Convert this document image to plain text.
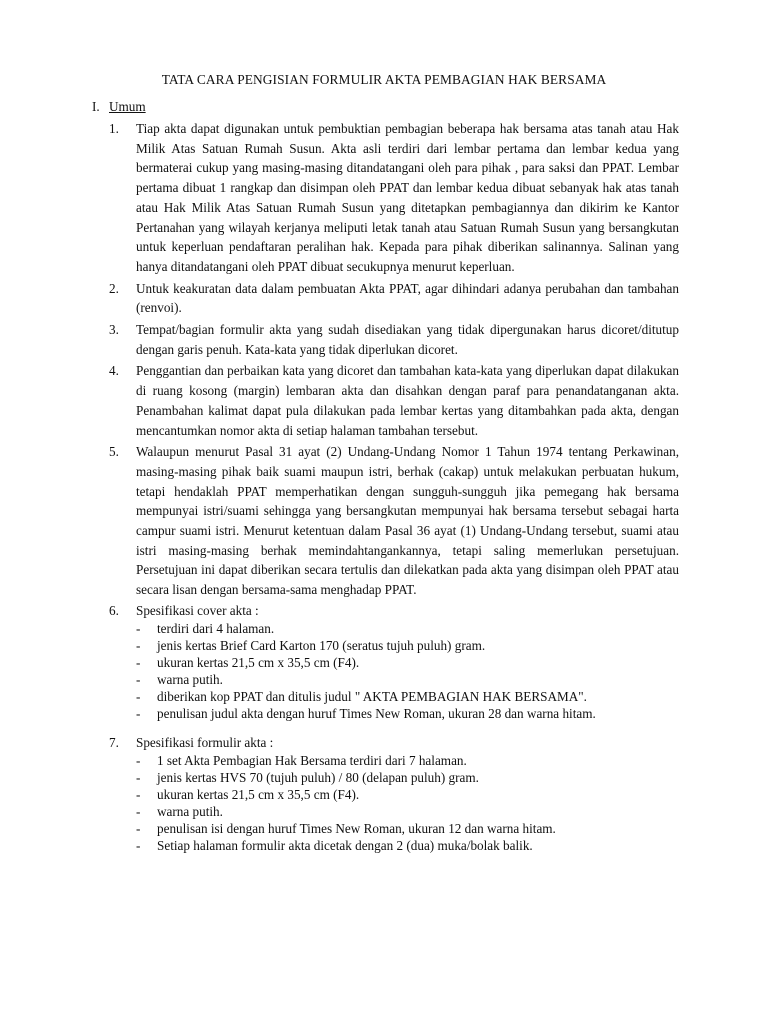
TATA CARA PENGISIAN FORMULIR AKTA PEMBAGIAN HAK BERSAMA
I. Umum
1. Tiap akta dapat digunakan untuk pembuktian pembagian beberapa hak bersama atas tanah atau Hak Milik Atas Satuan Rumah Susun. Akta asli terdiri dari lembar pertama dan lembar kedua yang bermaterai cukup yang masing-masing ditandatangani oleh para pihak , para saksi dan PPAT. Lembar pertama dibuat 1 rangkap dan disimpan oleh PPAT dan lembar kedua dibuat sebanyak hak atas tanah atau Hak Milik Atas Satuan Rumah Susun yang ditetapkan pembagiannya dan dikirim ke Kantor Pertanahan yang wilayah kerjanya meliputi letak tanah atau Satuan Rumah Susun yang bersangkutan untuk keperluan pendaftaran peralihan hak. Kepada para pihak diberikan salinannya. Salinan yang hanya ditandatangani oleh PPAT dibuat secukupnya menurut keperluan.
2. Untuk keakuratan data dalam pembuatan Akta PPAT, agar dihindari adanya perubahan dan tambahan (renvoi).
3. Tempat/bagian formulir akta yang sudah disediakan yang tidak dipergunakan harus dicoret/ditutup dengan garis penuh. Kata-kata yang tidak diperlukan dicoret.
4. Penggantian dan perbaikan kata yang dicoret dan tambahan kata-kata yang diperlukan dapat dilakukan di ruang kosong (margin) lembaran akta dan disahkan dengan paraf para penandatanganan akta. Penambahan kalimat dapat pula dilakukan pada lembar kertas yang ditambahkan pada akta, dengan mencantumkan nomor akta di setiap halaman tambahan tersebut.
5. Walaupun menurut Pasal 31 ayat (2) Undang-Undang Nomor 1 Tahun 1974 tentang Perkawinan, masing-masing pihak baik suami maupun istri, berhak (cakap) untuk melakukan perbuatan hukum, tetapi hendaklah PPAT memperhatikan dengan sungguh-sungguh jika pemegang hak bersama mempunyai istri/suami sehingga yang bersangkutan mempunyai hak bersama tersebut sebagai harta campur suami istri. Menurut ketentuan dalam Pasal 36 ayat (1) Undang-Undang tersebut, suami atau istri masing-masing berhak memindahtangankannya, tetapi saling memerlukan persetujuan. Persetujuan ini dapat diberikan secara tertulis dan dilekatkan pada akta yang disimpan oleh PPAT atau secara lisan dengan bersama-sama menghadap PPAT.
6. Spesifikasi cover akta :
- terdiri dari 4 halaman.
- jenis kertas Brief Card Karton 170 (seratus tujuh puluh) gram.
- ukuran kertas 21,5 cm x 35,5 cm (F4).
- warna putih.
- diberikan kop PPAT dan ditulis judul " AKTA PEMBAGIAN HAK BERSAMA".
- penulisan judul akta dengan huruf Times New Roman, ukuran 28 dan warna hitam.
7. Spesifikasi formulir akta :
- 1 set Akta Pembagian Hak Bersama terdiri dari 7 halaman.
- jenis kertas HVS 70 (tujuh puluh) / 80 (delapan puluh) gram.
- ukuran kertas 21,5 cm x 35,5 cm (F4).
- warna putih.
- penulisan isi dengan huruf Times New Roman, ukuran 12 dan warna hitam.
- Setiap halaman formulir akta dicetak dengan 2 (dua) muka/bolak balik.
